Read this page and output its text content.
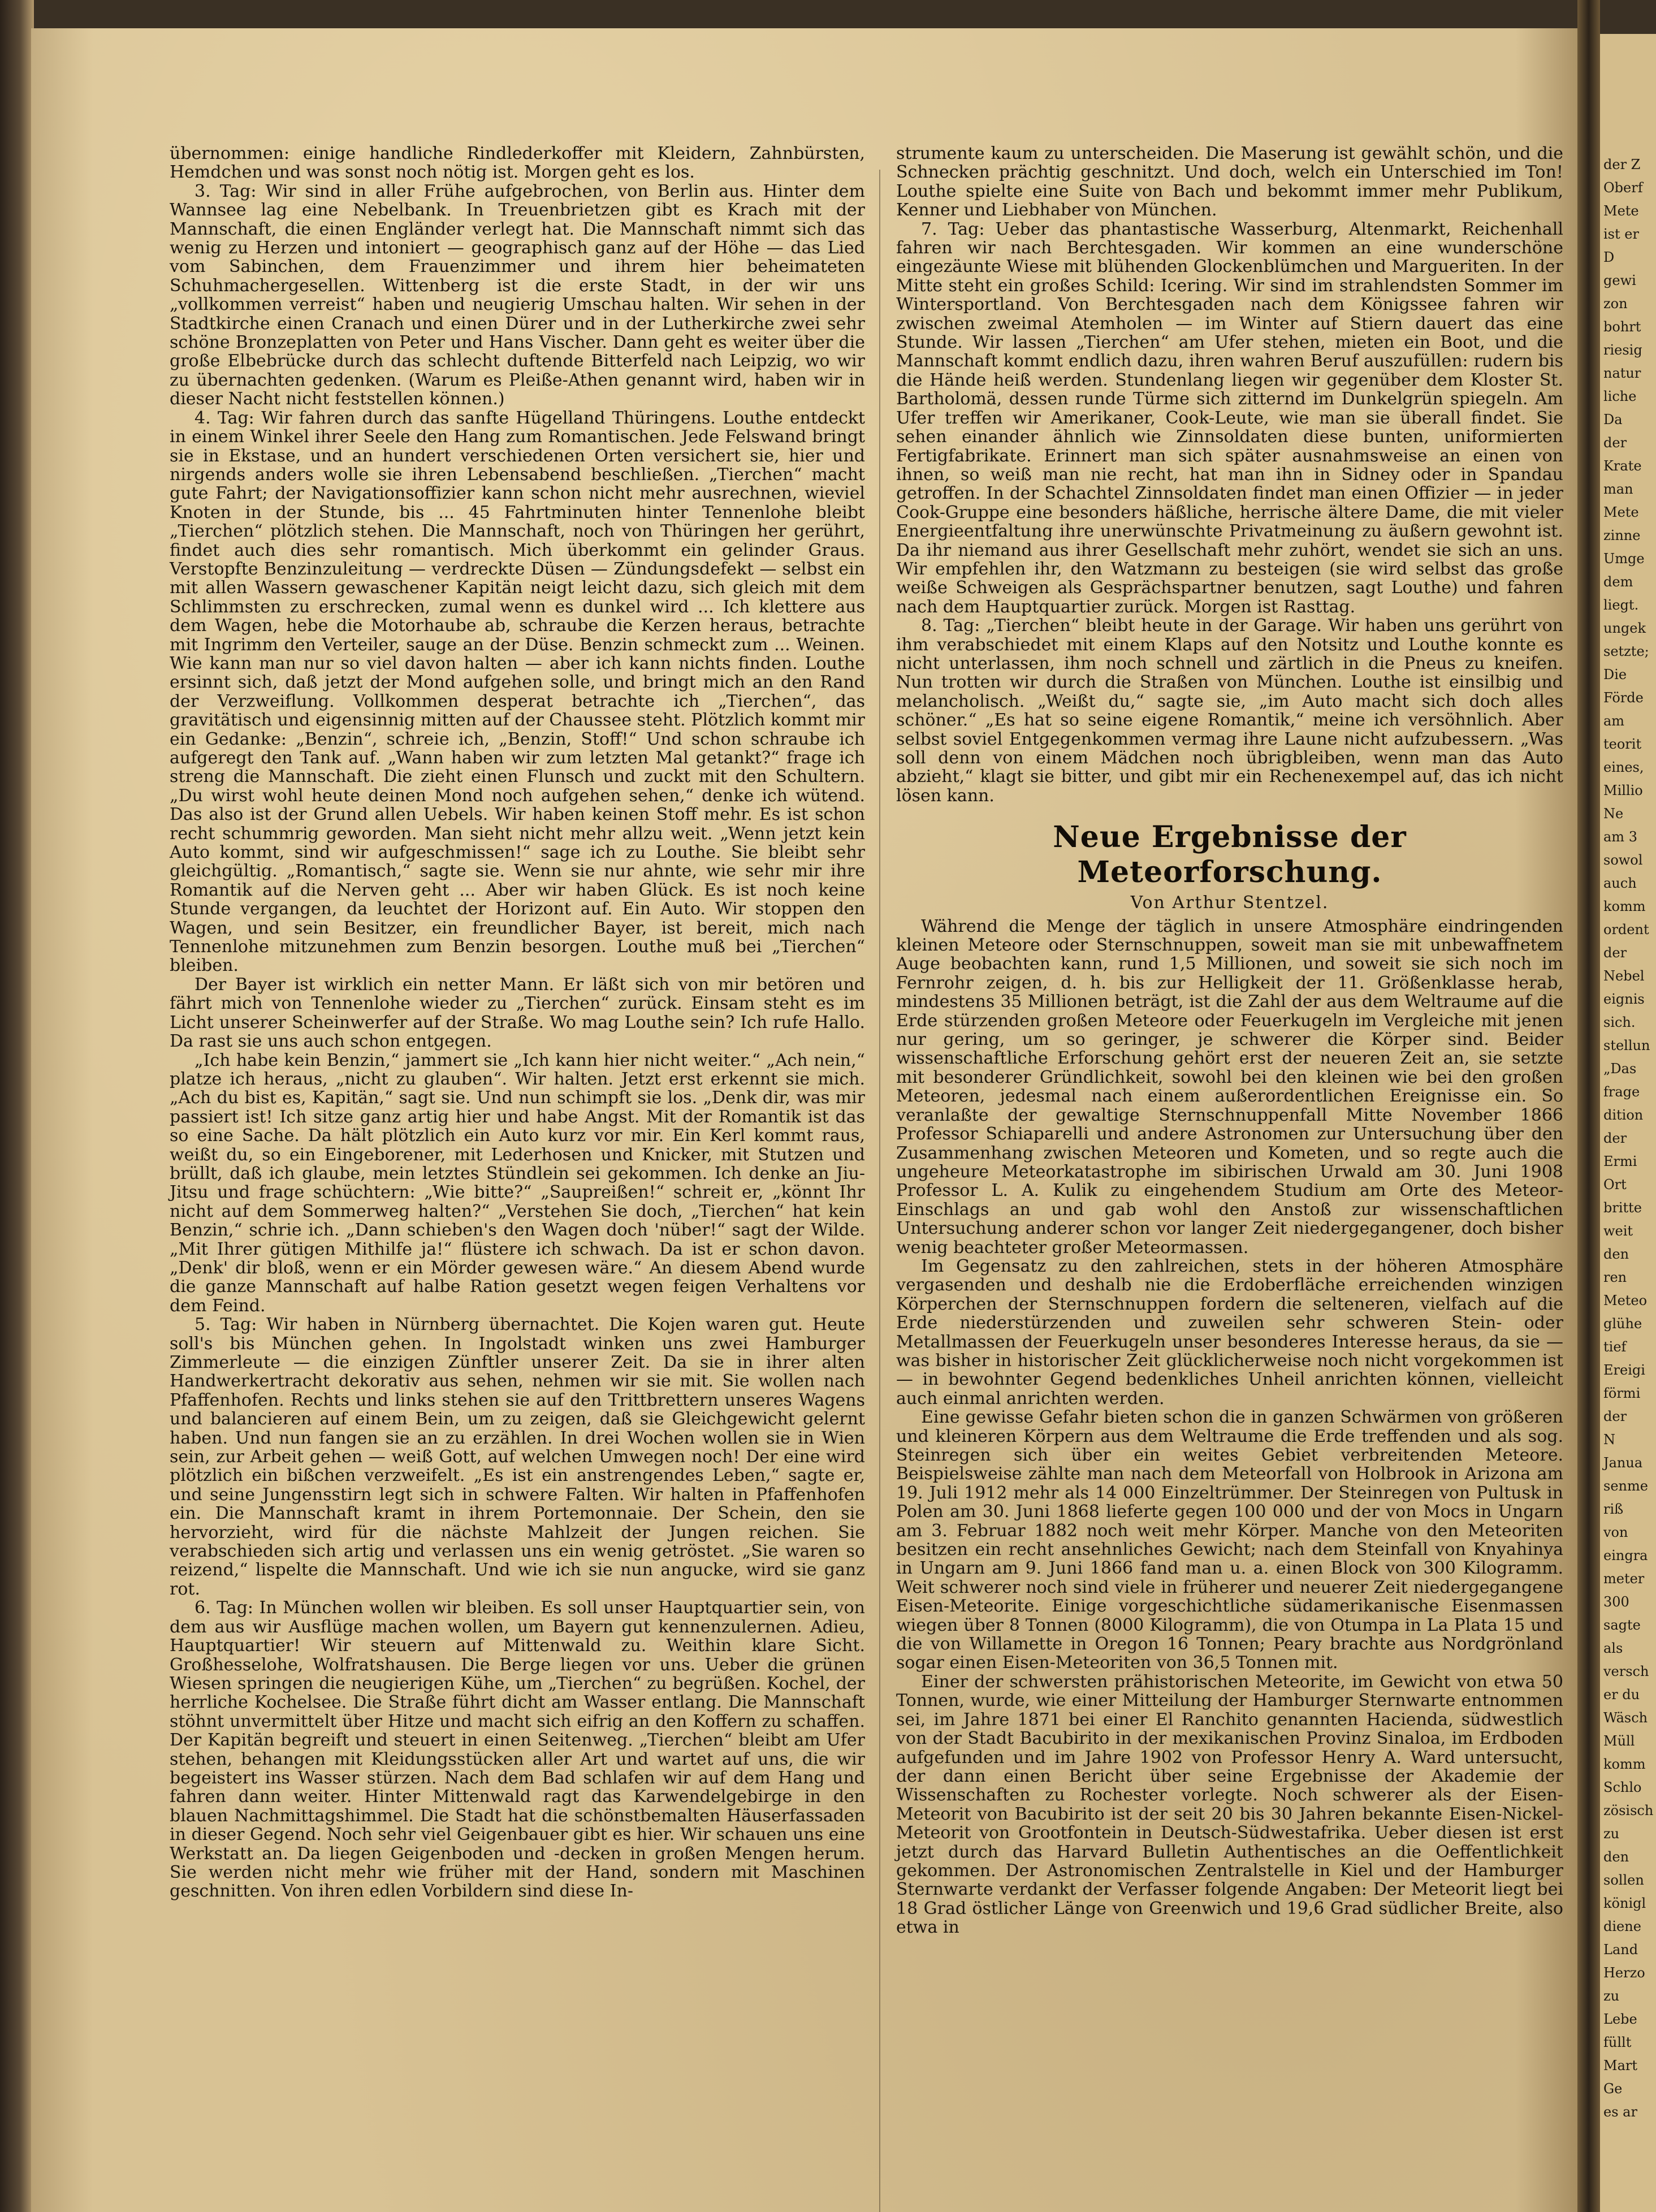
übernommen: einige handliche Rindlederkoffer mit Kleidern, Zahnbürsten, Hemdchen und was sonst noch nötig ist. Morgen geht es los.

3. Tag: Wir sind in aller Frühe aufgebrochen, von Berlin aus. Hinter dem Wannsee lag eine Nebelbank. In Treuenbrietzen gibt es Krach mit der Mannschaft, die einen Engländer verlegt hat. Die Mannschaft nimmt sich das wenig zu Herzen und intoniert — geographisch ganz auf der Höhe — das Lied vom Sabinchen, dem Frauenzimmer und ihrem hier beheimateten Schuhmachergesellen. Wittenberg ist die erste Stadt, in der wir uns „vollkommen verreist“ haben und neugierig Umschau halten. Wir sehen in der Stadtkirche einen Cranach und einen Dürer und in der Lutherkirche zwei sehr schöne Bronzeplatten von Peter und Hans Vischer. Dann geht es weiter über die große Elbebrücke durch das schlecht duftende Bitterfeld nach Leipzig, wo wir zu übernachten gedenken. (Warum es Pleiße-Athen genannt wird, haben wir in dieser Nacht nicht feststellen können.)

4. Tag: Wir fahren durch das sanfte Hügelland Thüringens. Louthe entdeckt in einem Winkel ihrer Seele den Hang zum Romantischen. Jede Felswand bringt sie in Ekstase, und an hundert verschiedenen Orten versichert sie, hier und nirgends anders wolle sie ihren Lebensabend beschließen. „Tierchen“ macht gute Fahrt; der Navigationsoffizier kann schon nicht mehr ausrechnen, wieviel Knoten in der Stunde, bis ... 45 Fahrtminuten hinter Tennenlohe bleibt „Tierchen“ plötzlich stehen. Die Mannschaft, noch von Thüringen her gerührt, findet auch dies sehr romantisch. Mich überkommt ein gelinder Graus. Verstopfte Benzinzuleitung — verdreckte Düsen — Zündungsdefekt — selbst ein mit allen Wassern gewaschener Kapitän neigt leicht dazu, sich gleich mit dem Schlimmsten zu erschrecken, zumal wenn es dunkel wird ... Ich klettere aus dem Wagen, hebe die Motorhaube ab, schraube die Kerzen heraus, betrachte mit Ingrimm den Verteiler, sauge an der Düse. Benzin schmeckt zum ... Weinen. Wie kann man nur so viel davon halten — aber ich kann nichts finden. Louthe ersinnt sich, daß jetzt der Mond aufgehen solle, und bringt mich an den Rand der Verzweiflung. Vollkommen desperat betrachte ich „Tierchen“, das gravitätisch und eigensinnig mitten auf der Chaussee steht. Plötzlich kommt mir ein Gedanke: „Benzin“, schreie ich, „Benzin, Stoff!“ Und schon schraube ich aufgeregt den Tank auf. „Wann haben wir zum letzten Mal getankt?“ frage ich streng die Mannschaft. Die zieht einen Flunsch und zuckt mit den Schultern. „Du wirst wohl heute deinen Mond noch aufgehen sehen,“ denke ich wütend. Das also ist der Grund allen Uebels. Wir haben keinen Stoff mehr. Es ist schon recht schummrig geworden. Man sieht nicht mehr allzu weit. „Wenn jetzt kein Auto kommt, sind wir aufgeschmissen!“ sage ich zu Louthe. Sie bleibt sehr gleichgültig. „Romantisch,“ sagte sie. Wenn sie nur ahnte, wie sehr mir ihre Romantik auf die Nerven geht ... Aber wir haben Glück. Es ist noch keine Stunde vergangen, da leuchtet der Horizont auf. Ein Auto. Wir stoppen den Wagen, und sein Besitzer, ein freundlicher Bayer, ist bereit, mich nach Tennenlohe mitzunehmen zum Benzin besorgen. Louthe muß bei „Tierchen“ bleiben.

Der Bayer ist wirklich ein netter Mann. Er läßt sich von mir betören und fährt mich von Tennenlohe wieder zu „Tierchen“ zurück. Einsam steht es im Licht unserer Scheinwerfer auf der Straße. Wo mag Louthe sein? Ich rufe Hallo. Da rast sie uns auch schon entgegen.

„Ich habe kein Benzin,“ jammert sie „Ich kann hier nicht weiter.“ „Ach nein,“ platze ich heraus, „nicht zu glauben“. Wir halten. Jetzt erst erkennt sie mich. „Ach du bist es, Kapitän,“ sagt sie. Und nun schimpft sie los. „Denk dir, was mir passiert ist! Ich sitze ganz artig hier und habe Angst. Mit der Romantik ist das so eine Sache. Da hält plötzlich ein Auto kurz vor mir. Ein Kerl kommt raus, weißt du, so ein Eingeborener, mit Lederhosen und Knicker, mit Stutzen und brüllt, daß ich glaube, mein letztes Stündlein sei gekommen. Ich denke an Jiu-Jitsu und frage schüchtern: „Wie bitte?“ „Saupreißen!“ schreit er, „könnt Ihr nicht auf dem Sommerweg halten?“ „Verstehen Sie doch, „Tierchen“ hat kein Benzin,“ schrie ich. „Dann schieben's den Wagen doch 'nüber!“ sagt der Wilde. „Mit Ihrer gütigen Mithilfe ja!“ flüstere ich schwach. Da ist er schon davon. „Denk' dir bloß, wenn er ein Mörder gewesen wäre.“ An diesem Abend wurde die ganze Mannschaft auf halbe Ration gesetzt wegen feigen Verhaltens vor dem Feind.

5. Tag: Wir haben in Nürnberg übernachtet. Die Kojen waren gut. Heute soll's bis München gehen. In Ingolstadt winken uns zwei Hamburger Zimmerleute — die einzigen Zünftler unserer Zeit. Da sie in ihrer alten Handwerkertracht dekorativ aus sehen, nehmen wir sie mit. Sie wollen nach Pfaffenhofen. Rechts und links stehen sie auf den Trittbrettern unseres Wagens und balancieren auf einem Bein, um zu zeigen, daß sie Gleichgewicht gelernt haben. Und nun fangen sie an zu erzählen. In drei Wochen wollen sie in Wien sein, zur Arbeit gehen — weiß Gott, auf welchen Umwegen noch! Der eine wird plötzlich ein bißchen verzweifelt. „Es ist ein anstrengendes Leben,“ sagte er, und seine Jungensstirn legt sich in schwere Falten. Wir halten in Pfaffenhofen ein. Die Mannschaft kramt in ihrem Portemonnaie. Der Schein, den sie hervorzieht, wird für die nächste Mahlzeit der Jungen reichen. Sie verabschieden sich artig und verlassen uns ein wenig getröstet. „Sie waren so reizend,“ lispelte die Mannschaft. Und wie ich sie nun angucke, wird sie ganz rot.

6. Tag: In München wollen wir bleiben. Es soll unser Hauptquartier sein, von dem aus wir Ausflüge machen wollen, um Bayern gut kennenzulernen. Adieu, Hauptquartier! Wir steuern auf Mittenwald zu. Weithin klare Sicht. Großhesselohe, Wolfratshausen. Die Berge liegen vor uns. Ueber die grünen Wiesen springen die neugierigen Kühe, um „Tierchen“ zu begrüßen. Kochel, der herrliche Kochelsee. Die Straße führt dicht am Wasser entlang. Die Mannschaft stöhnt unvermittelt über Hitze und macht sich eifrig an den Koffern zu schaffen. Der Kapitän begreift und steuert in einen Seitenweg. „Tierchen“ bleibt am Ufer stehen, behangen mit Kleidungsstücken aller Art und wartet auf uns, die wir begeistert ins Wasser stürzen. Nach dem Bad schlafen wir auf dem Hang und fahren dann weiter. Hinter Mittenwald ragt das Karwendelgebirge in den blauen Nachmittagshimmel. Die Stadt hat die schönstbemalten Häuserfassaden in dieser Gegend. Noch sehr viel Geigenbauer gibt es hier. Wir schauen uns eine Werkstatt an. Da liegen Geigenboden und -decken in großen Mengen herum. Sie werden nicht mehr wie früher mit der Hand, sondern mit Maschinen geschnitten. Von ihren edlen Vorbildern sind diese In-

strumente kaum zu unterscheiden. Die Maserung ist gewählt schön, und die Schnecken prächtig geschnitzt. Und doch, welch ein Unterschied im Ton! Louthe spielte eine Suite von Bach und bekommt immer mehr Publikum, Kenner und Liebhaber von München.

7. Tag: Ueber das phantastische Wasserburg, Altenmarkt, Reichenhall fahren wir nach Berchtesgaden. Wir kommen an eine wunderschöne eingezäunte Wiese mit blühenden Glockenblümchen und Margueriten. In der Mitte steht ein großes Schild: Icering. Wir sind im strahlendsten Sommer im Wintersportland. Von Berchtesgaden nach dem Königssee fahren wir zwischen zweimal Atemholen — im Winter auf Stiern dauert das eine Stunde. Wir lassen „Tierchen“ am Ufer stehen, mieten ein Boot, und die Mannschaft kommt endlich dazu, ihren wahren Beruf auszufüllen: rudern bis die Hände heiß werden. Stundenlang liegen wir gegenüber dem Kloster St. Bartholomä, dessen runde Türme sich zitternd im Dunkelgrün spiegeln. Am Ufer treffen wir Amerikaner, Cook-Leute, wie man sie überall findet. Sie sehen einander ähnlich wie Zinnsoldaten diese bunten, uniformierten Fertigfabrikate. Erinnert man sich später ausnahmsweise an einen von ihnen, so weiß man nie recht, hat man ihn in Sidney oder in Spandau getroffen. In der Schachtel Zinnsoldaten findet man einen Offizier — in jeder Cook-Gruppe eine besonders häßliche, herrische ältere Dame, die mit vieler Energieentfaltung ihre unerwünschte Privatmeinung zu äußern gewohnt ist. Da ihr niemand aus ihrer Gesellschaft mehr zuhört, wendet sie sich an uns. Wir empfehlen ihr, den Watzmann zu besteigen (sie wird selbst das große weiße Schweigen als Gesprächspartner benutzen, sagt Louthe) und fahren nach dem Hauptquartier zurück. Morgen ist Rasttag.

8. Tag: „Tierchen“ bleibt heute in der Garage. Wir haben uns gerührt von ihm verabschiedet mit einem Klaps auf den Notsitz und Louthe konnte es nicht unterlassen, ihm noch schnell und zärtlich in die Pneus zu kneifen. Nun trotten wir durch die Straßen von München. Louthe ist einsilbig und melancholisch. „Weißt du,“ sagte sie, „im Auto macht sich doch alles schöner.“ „Es hat so seine eigene Romantik,“ meine ich versöhnlich. Aber selbst soviel Entgegenkommen vermag ihre Laune nicht aufzubessern. „Was soll denn von einem Mädchen noch übrigbleiben, wenn man das Auto abzieht,“ klagt sie bitter, und gibt mir ein Rechenexempel auf, das ich nicht lösen kann.

Neue Ergebnisse der Meteorforschung.
Von Arthur Stentzel.

Während die Menge der täglich in unsere Atmosphäre eindringenden kleinen Meteore oder Sternschnuppen, soweit man sie mit unbewaffnetem Auge beobachten kann, rund 1,5 Millionen, und soweit sie sich noch im Fernrohr zeigen, d. h. bis zur Helligkeit der 11. Größenklasse herab, mindestens 35 Millionen beträgt, ist die Zahl der aus dem Weltraume auf die Erde stürzenden großen Meteore oder Feuerkugeln im Vergleiche mit jenen nur gering, um so geringer, je schwerer die Körper sind. Beider wissenschaftliche Erforschung gehört erst der neueren Zeit an, sie setzte mit besonderer Gründlichkeit, sowohl bei den kleinen wie bei den großen Meteoren, jedesmal nach einem außerordentlichen Ereignisse ein. So veranlaßte der gewaltige Sternschnuppenfall Mitte November 1866 Professor Schiaparelli und andere Astronomen zur Untersuchung über den Zusammenhang zwischen Meteoren und Kometen, und so regte auch die ungeheure Meteorkatastrophe im sibirischen Urwald am 30. Juni 1908 Professor L. A. Kulik zu eingehendem Studium am Orte des Meteor-Einschlags an und gab wohl den Anstoß zur wissenschaftlichen Untersuchung anderer schon vor langer Zeit niedergegangener, doch bisher wenig beachteter großer Meteormassen.

Im Gegensatz zu den zahlreichen, stets in der höheren Atmosphäre vergasenden und deshalb nie die Erdoberfläche erreichenden winzigen Körperchen der Sternschnuppen fordern die selteneren, vielfach auf die Erde niederstürzenden und zuweilen sehr schweren Stein- oder Metallmassen der Feuerkugeln unser besonderes Interesse heraus, da sie — was bisher in historischer Zeit glücklicherweise noch nicht vorgekommen ist — in bewohnter Gegend bedenkliches Unheil anrichten können, vielleicht auch einmal anrichten werden.

Eine gewisse Gefahr bieten schon die in ganzen Schwärmen von größeren und kleineren Körpern aus dem Weltraume die Erde treffenden und als sog. Steinregen sich über ein weites Gebiet verbreitenden Meteore. Beispielsweise zählte man nach dem Meteorfall von Holbrook in Arizona am 19. Juli 1912 mehr als 14 000 Einzeltrümmer. Der Steinregen von Pultusk in Polen am 30. Juni 1868 lieferte gegen 100 000 und der von Mocs in Ungarn am 3. Februar 1882 noch weit mehr Körper. Manche von den Meteoriten besitzen ein recht ansehnliches Gewicht; nach dem Steinfall von Knyahinya in Ungarn am 9. Juni 1866 fand man u. a. einen Block von 300 Kilogramm. Weit schwerer noch sind viele in früherer und neuerer Zeit niedergegangene Eisen-Meteorite. Einige vorgeschichtliche südamerikanische Eisenmassen wiegen über 8 Tonnen (8000 Kilogramm), die von Otumpa in La Plata 15 und die von Willamette in Oregon 16 Tonnen; Peary brachte aus Nordgrönland sogar einen Eisen-Meteoriten von 36,5 Tonnen mit.

Einer der schwersten prähistorischen Meteorite, im Gewicht von etwa 50 Tonnen, wurde, wie einer Mitteilung der Hamburger Sternwarte entnommen sei, im Jahre 1871 bei einer El Ranchito genannten Hacienda, südwestlich von der Stadt Bacubirito in der mexikanischen Provinz Sinaloa, im Erdboden aufgefunden und im Jahre 1902 von Professor Henry A. Ward untersucht, der dann einen Bericht über seine Ergebnisse der Akademie der Wissenschaften zu Rochester vorlegte. Noch schwerer als der Eisen-Meteorit von Bacubirito ist der seit 20 bis 30 Jahren bekannte Eisen-Nickel-Meteorit von Grootfontein in Deutsch-Südwestafrika. Ueber diesen ist erst jetzt durch das Harvard Bulletin Authentisches an die Oeffentlichkeit gekommen. Der Astronomischen Zentralstelle in Kiel und der Hamburger Sternwarte verdankt der Verfasser folgende Angaben: Der Meteorit liegt bei 18 Grad östlicher Länge von Greenwich und 19,6 Grad südlicher Breite, also etwa in

der Z
Oberf
Mete
ist er
D
gewi
zon
bohrt
riesig
natur
liche
Da
der
Krate
man
Mete
zinne
Umge
dem
liegt.
ungek
setzte;
Die
Förde
am
teorit
eines,
Millio
Ne
am 3
sowol
auch
komm
ordent
der
Nebel
eignis
sich.
stellun
„Das
frage
dition
der
Ermi
Ort
britte
weit
den
ren
Meteo
glühe
tief
Ereigi
förmi
der
N
Janua
senme
riß
von
eingra
meter
300
sagte
als
versch
er du
Wäsch
Müll
komm
Schlo
zösisch
zu
den
sollen
königl
diene
Land
Herzo
zu
Lebe
füllt
Mart
Ge
es ar
